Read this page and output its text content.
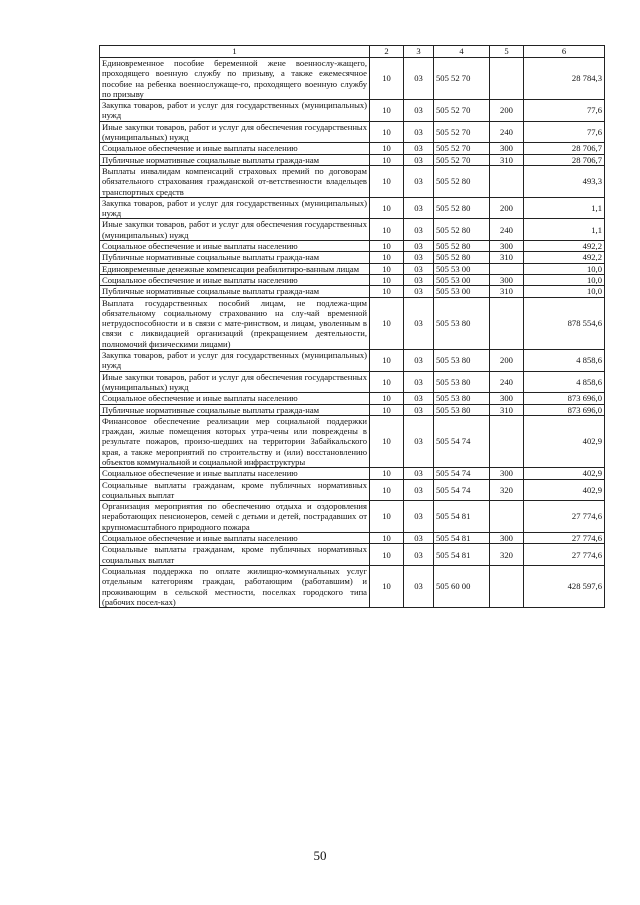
1	2	3	4	5	6
Единовременное пособие беременной жене военнослу-жащего, проходящего военную службу по призыву, а также ежемесячное пособие на ребенка военнослужаще-го, проходящего военную службу по призыву	10	03	505 52 70		28 784,3
Закупка товаров, работ и услуг для государственных (муниципальных) нужд	10	03	505 52 70	200	77,6
Иные закупки товаров, работ и услуг для обеспечения государственных (муниципальных) нужд	10	03	505 52 70	240	77,6
Социальное обеспечение и иные выплаты населению	10	03	505 52 70	300	28 706,7
Публичные нормативные социальные выплаты гражда-нам	10	03	505 52 70	310	28 706,7
Выплаты инвалидам компенсаций страховых премий по договорам обязательного страхования гражданской от-ветственности владельцев транспортных средств	10	03	505 52 80		493,3
Закупка товаров, работ и услуг для государственных (муниципальных) нужд	10	03	505 52 80	200	1,1
Иные закупки товаров, работ и услуг для обеспечения государственных (муниципальных) нужд	10	03	505 52 80	240	1,1
Социальное обеспечение и иные выплаты населению	10	03	505 52 80	300	492,2
Публичные нормативные социальные выплаты гражда-нам	10	03	505 52 80	310	492,2
Единовременные денежные компенсации реабилитиро-ванным лицам	10	03	505 53 00		10,0
Социальное обеспечение и иные выплаты населению	10	03	505 53 00	300	10,0
Публичные нормативные социальные выплаты гражда-нам	10	03	505 53 00	310	10,0
Выплата государственных пособий лицам, не подлежа-щим обязательному социальному страхованию на слу-чай временной нетрудоспособности и в связи с мате-ринством, и лицам, уволенным в связи с ликвидацией организаций (прекращением деятельности, полномочий физическими лицами)	10	03	505 53 80		878 554,6
Закупка товаров, работ и услуг для государственных (муниципальных) нужд	10	03	505 53 80	200	4 858,6
Иные закупки товаров, работ и услуг для обеспечения государственных (муниципальных) нужд	10	03	505 53 80	240	4 858,6
Социальное обеспечение и иные выплаты населению	10	03	505 53 80	300	873 696,0
Публичные нормативные социальные выплаты гражда-нам	10	03	505 53 80	310	873 696,0
Финансовое обеспечение реализации мер социальной поддержки граждан, жилые помещения которых утра-чены или повреждены в результате пожаров, произо-шедших на территории Забайкальского края, а также мероприятий по строительству и (или) восстановлению объектов коммунальной и социальной инфраструктуры	10	03	505 54 74		402,9
Социальное обеспечение и иные выплаты населению	10	03	505 54 74	300	402,9
Социальные выплаты гражданам, кроме публичных нормативных социальных выплат	10	03	505 54 74	320	402,9
Организация мероприятия по обеспечению отдыха и оздоровления неработающих пенсионеров, семей с детьми и детей, пострадавших от крупномасштабного природного пожара	10	03	505 54 81		27 774,6
Социальное обеспечение и иные выплаты населению	10	03	505 54 81	300	27 774,6
Социальные выплаты гражданам, кроме публичных нормативных социальных выплат	10	03	505 54 81	320	27 774,6
Социальная поддержка по оплате жилищно-коммунальных услуг отдельным категориям граждан, работающим (работавшим) и проживающим в сельской местности, поселках городского типа (рабочих посел-ках)	10	03	505 60 00		428 597,6
50
